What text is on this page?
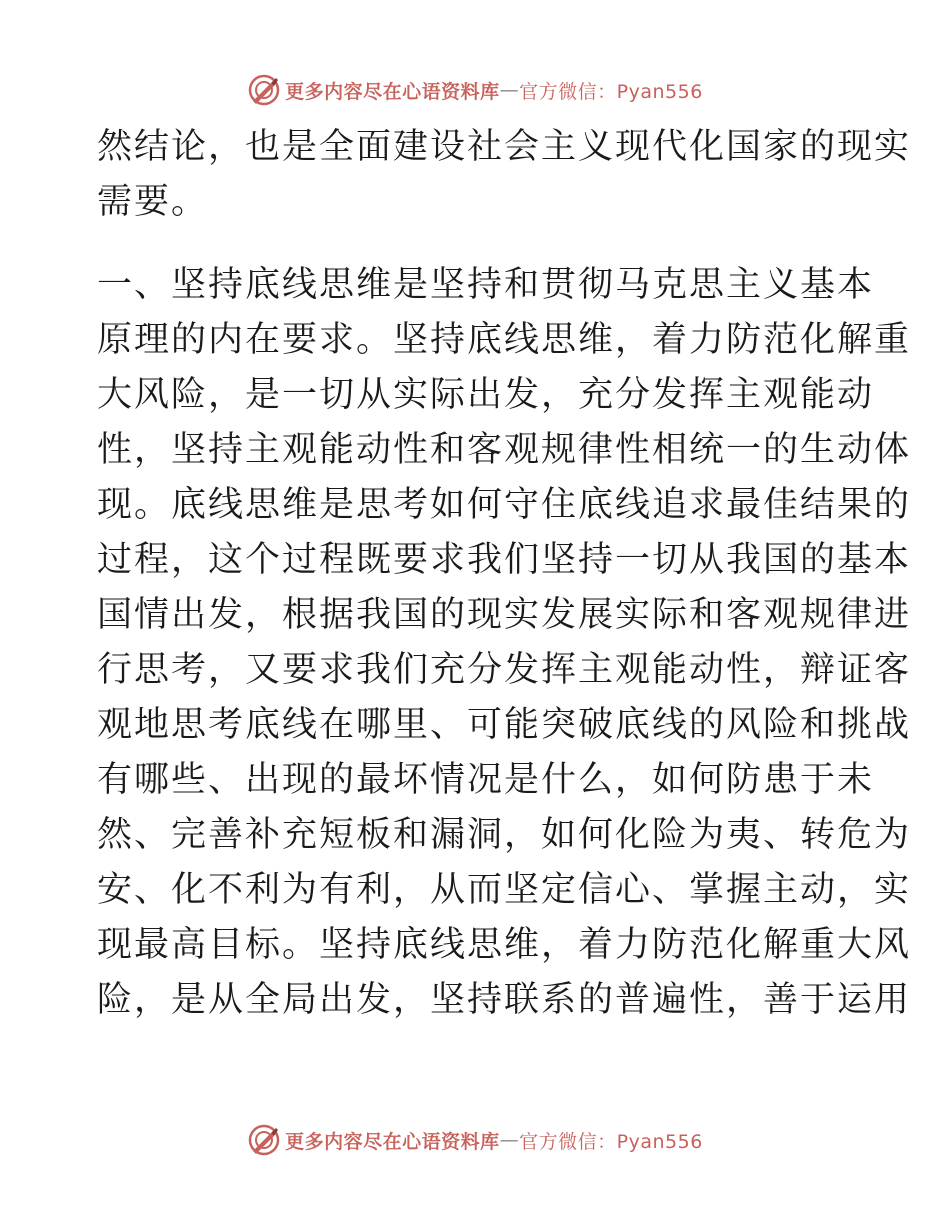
更多内容尽在心语资料库 — 官方微信：Pyan556
然结论，也是全面建设社会主义现代化国家的现实
需要。
一、坚持底线思维是坚持和贯彻马克思主义基本
原理的内在要求。坚持底线思维，着力防范化解重
大风险，是一切从实际出发，充分发挥主观能动
性，坚持主观能动性和客观规律性相统一的生动体
现。底线思维是思考如何守住底线追求最佳结果的
过程，这个过程既要求我们坚持一切从我国的基本
国情出发，根据我国的现实发展实际和客观规律进
行思考，又要求我们充分发挥主观能动性，辩证客
观地思考底线在哪里、可能突破底线的风险和挑战
有哪些、出现的最坏情况是什么，如何防患于未
然、完善补充短板和漏洞，如何化险为夷、转危为
安、化不利为有利，从而坚定信心、掌握主动，实
现最高目标。坚持底线思维，着力防范化解重大风
险，是从全局出发，坚持联系的普遍性，善于运用
更多内容尽在心语资料库 — 官方微信：Pyan556
